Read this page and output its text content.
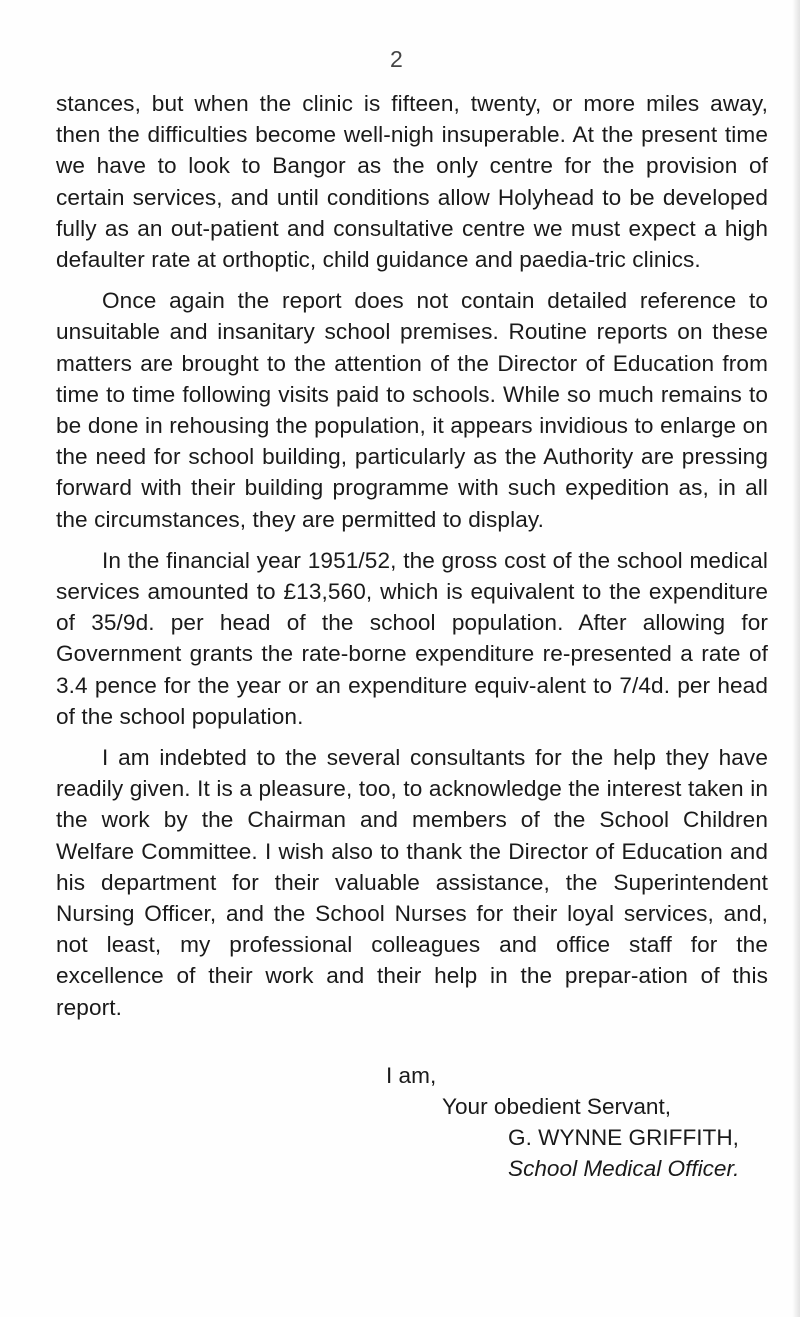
2

stances, but when the clinic is fifteen, twenty, or more miles away, then the difficulties become well-nigh insuperable. At the present time we have to look to Bangor as the only centre for the provision of certain services, and until conditions allow Holyhead to be developed fully as an out-patient and consultative centre we must expect a high defaulter rate at orthoptic, child guidance and paedia-tric clinics.

Once again the report does not contain detailed reference to unsuitable and insanitary school premises. Routine reports on these matters are brought to the attention of the Director of Education from time to time following visits paid to schools. While so much remains to be done in rehousing the population, it appears invidious to enlarge on the need for school building, particularly as the Authority are pressing forward with their building programme with such expedition as, in all the circumstances, they are permitted to display.

In the financial year 1951/52, the gross cost of the school medical services amounted to £13,560, which is equivalent to the expenditure of 35/9d. per head of the school population. After allowing for Government grants the rate-borne expenditure re-presented a rate of 3.4 pence for the year or an expenditure equiv-alent to 7/4d. per head of the school population.

I am indebted to the several consultants for the help they have readily given. It is a pleasure, too, to acknowledge the interest taken in the work by the Chairman and members of the School Children Welfare Committee. I wish also to thank the Director of Education and his department for their valuable assistance, the Superintendent Nursing Officer, and the School Nurses for their loyal services, and, not least, my professional colleagues and office staff for the excellence of their work and their help in the prepar-ation of this report.

I am,
Your obedient Servant,
G. WYNNE GRIFFITH,
School Medical Officer.
